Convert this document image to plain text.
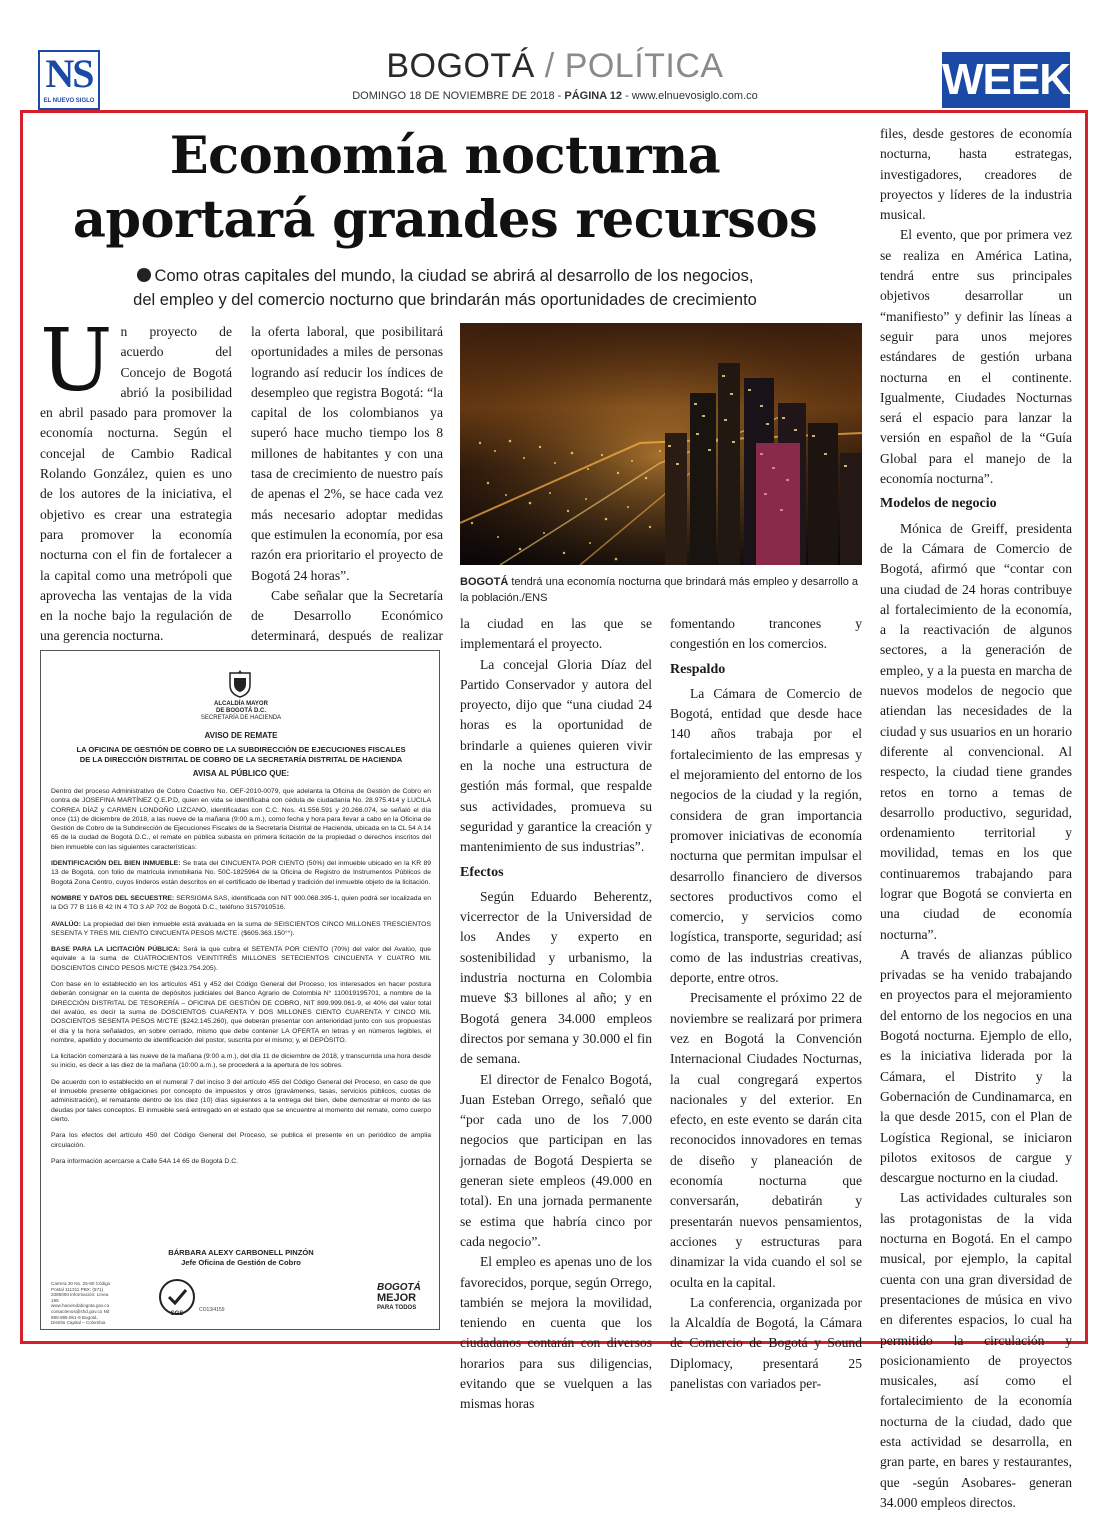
NS
EL NUEVO SIGLO
BOGOTÁ / POLÍTICA
DOMINGO 18 DE NOVIEMBRE DE 2018 - PÁGINA 12 - www.elnuevosiglo.com.co	WEEK
Economía nocturna
aportará grandes recursos
Como otras capitales del mundo, la ciudad se abrirá al desarrollo de los negocios,
del empleo y del comercio nocturno que brindarán más oportunidades de crecimiento

Un proyecto de acuerdo del Concejo de Bogotá abrió la posibilidad en abril pasado para promover la economía nocturna. Según el concejal de Cambio Radical Rolando González, quien es uno de los autores de la iniciativa, el objetivo es crear una estrategia para promover la economía nocturna con el fin de fortalecer a la capital como una metrópoli que aprovecha las ventajas de la vida en la noche bajo la regulación de una gerencia nocturna.

la oferta laboral, que posibilitará oportunidades a miles de personas logrando así reducir los índices de desempleo que registra Bogotá: “la capital de los colombianos ya superó hace mucho tiempo los 8 millones de habitantes y con una tasa de crecimiento de nuestro país de apenas el 2%, se hace cada vez más necesario adoptar medidas que estimulen la economía, por esa razón era prioritario el proyecto de Bogotá 24 horas”.

Cabe señalar que la Secretaría de Desarrollo Económico determinará, después de realizar

BOGOTÁ tendrá una economía nocturna que brindará más empleo y desarrollo a la población./ENS

la ciudad en las que se implementará el proyecto.

La concejal Gloria Díaz del Partido Conservador y autora del proyecto, dijo que “una ciudad 24 horas es la oportunidad de brindarle a quienes quieren vivir en la noche una estructura de gestión más formal, que respalde sus actividades, promueva su seguridad y garantice la creación y mantenimiento de sus industrias”.

Efectos

Según Eduardo Beherentz, vicerrector de la Universidad de los Andes y experto en sostenibilidad y urbanismo, la industria nocturna en Colombia mueve $3 billones al año; y en Bogotá genera 34.000 empleos directos por semana y 30.000 el fin de semana.

El director de Fenalco Bogotá, Juan Esteban Orrego, señaló que “por cada uno de los 7.000 negocios que participan en las jornadas de Bogotá Despierta se generan siete empleos (49.000 en total). En una jornada permanente se estima que habría cinco por cada negocio”.

El empleo es apenas uno de los favorecidos, porque, según Orrego, también se mejora la movilidad, teniendo en cuenta que los ciudadanos contarán con diversos horarios para sus diligencias, evitando que se vuelquen a las mismas horas

fomentando trancones y congestión en los comercios.

Respaldo

La Cámara de Comercio de Bogotá, entidad que desde hace 140 años trabaja por el fortalecimiento de las empresas y el mejoramiento del entorno de los negocios de la ciudad y la región, considera de gran importancia promover iniciativas de economía nocturna que permitan impulsar el desarrollo financiero de diversos sectores productivos como el comercio, y servicios como logística, transporte, seguridad; así como de las industrias creativas, deporte, entre otros.

Precisamente el próximo 22 de noviembre se realizará por primera vez en Bogotá la Convención Internacional Ciudades Nocturnas, la cual congregará expertos nacionales y del exterior. En efecto, en este evento se darán cita reconocidos innovadores en temas de diseño y planeación de economía nocturna que conversarán, debatirán y presentarán nuevos pensamientos, acciones y estructuras para dinamizar la vida cuando el sol se oculta en la capital.

La conferencia, organizada por la Alcaldía de Bogotá, la Cámara de Comercio de Bogotá y Sound Diplomacy, presentará 25 panelistas con variados per-

files, desde gestores de economía nocturna, hasta estrategas, investigadores, creadores de proyectos y líderes de la industria musical.

El evento, que por primera vez se realiza en América Latina, tendrá entre sus principales objetivos desarrollar un “manifiesto” y definir las líneas a seguir para unos mejores estándares de gestión urbana nocturna en el continente. Igualmente, Ciudades Nocturnas será el espacio para lanzar la versión en español de la “Guía Global para el manejo de la economía nocturna”.

Modelos de negocio

Mónica de Greiff, presidenta de la Cámara de Comercio de Bogotá, afirmó que “contar con una ciudad de 24 horas contribuye al fortalecimiento de la economía, a la reactivación de algunos sectores, a la generación de empleo, y a la puesta en marcha de nuevos modelos de negocio que atiendan las necesidades de la ciudad y sus usuarios en un horario diferente al convencional. Al respecto, la ciudad tiene grandes retos en torno a temas de desarrollo productivo, seguridad, ordenamiento territorial y movilidad, temas en los que continuaremos trabajando para lograr que Bogotá se convierta en una ciudad de economía nocturna”.

A través de alianzas público privadas se ha venido trabajando en proyectos para el mejoramiento del entorno de los negocios en una Bogotá nocturna. Ejemplo de ello, es la iniciativa liderada por la Cámara, el Distrito y la Gobernación de Cundinamarca, en la que desde 2015, con el Plan de Logística Regional, se iniciaron pilotos exitosos de cargue y descargue nocturno en la ciudad.

Las actividades culturales son las protagonistas de la vida nocturna en Bogotá. En el campo musical, por ejemplo, la capital cuenta con una gran diversidad de presentaciones de música en vivo en diferentes espacios, lo cual ha permitido la circulación y posicionamiento de proyectos musicales, así como el fortalecimiento de la economía nocturna de la ciudad, dado que esta actividad se desarrolla, en gran parte, en bares y restaurantes, que -según Asobares- generan 34.000 empleos directos.

ALCALDÍA MAYOR
DE BOGOTÁ D.C.
SECRETARÍA DE HACIENDA
AVISO DE REMATE
LA OFICINA DE GESTIÓN DE COBRO DE LA SUBDIRECCIÓN DE EJECUCIONES FISCALES
DE LA DIRECCIÓN DISTRITAL DE COBRO DE LA SECRETARÍA DISTRITAL DE HACIENDA
AVISA AL PÚBLICO QUE:

Dentro del proceso Administrativo de Cobro Coactivo No. OEF-2010-0079, que adelanta la Oficina de Gestión de Cobro en contra de JOSEFINA MARTÍNEZ Q.E.P.D, quien en vida se identificaba con cédula de ciudadanía No. 28.975.414 y LUCILA CORREA DÍAZ y CARMEN LONDOÑO LIZCANO, identificadas con C.C. Nos. 41.556.591 y 20.266.074, se señaló el día once (11) de diciembre de 2018, a las nueve de la mañana (9:00 a.m.), como fecha y hora para llevar a cabo en la Oficina de Gestión de Cobro de la Subdirección de Ejecuciones Fiscales de la Secretaría Distrital de Hacienda, ubicada en la CL 54 A 14 65 de la ciudad de Bogotá D.C., el remate en pública subasta en primera licitación de la propiedad o derechos inscritos del bien inmueble con las siguientes características:

IDENTIFICACIÓN DEL BIEN INMUEBLE: Se trata del CINCUENTA POR CIENTO (50%) del inmueble ubicado en la KR 89 13 de Bogotá, con folio de matrícula inmobiliaria No. 50C-1825964 de la Oficina de Registro de Instrumentos Públicos de Bogotá Zona Centro, cuyos linderos están descritos en el certificado de libertad y tradición del inmueble objeto de la licitación.

NOMBRE Y DATOS DEL SECUESTRE: SERSIGMA SAS, identificada con NIT 900.068.395-1, quien podrá ser localizada en la DG 77 B 116 B 42 IN 4 TO 3 AP 702 de Bogotá D.C., teléfono 3157910516.

AVALÚO: La propiedad del bien inmueble está avaluada en la suma de SEISCIENTOS CINCO MILLONES TRESCIENTOS SESENTA Y TRES MIL CIENTO CINCUENTA PESOS M/CTE. ($605.363.150°°).

BASE PARA LA LICITACIÓN PÚBLICA: Será la que cubra el SETENTA POR CIENTO (70%) del valor del Avalúo, que equivale a la suma de CUATROCIENTOS VEINTITRÉS MILLONES SETECIENTOS CINCUENTA Y CUATRO MIL DOSCIENTOS CINCO PESOS M/CTE ($423.754.205).

Con base en lo establecido en los artículos 451 y 452 del Código General del Proceso, los interesados en hacer postura deberán consignar en la cuenta de depósitos judiciales del Banco Agrario de Colombia N° 110019195701, a nombre de la DIRECCIÓN DISTRITAL DE TESORERÍA – OFICINA DE GESTIÓN DE COBRO, NIT 899.999.061-9, el 40% del valor total del avalúo, es decir la suma de DOSCIENTOS CUARENTA Y DOS MILLONES CIENTO CUARENTA Y CINCO MIL DOSCIENTOS SESENTA PESOS M/CTE ($242.145.260), que deberán presentar con anterioridad junto con sus propuestas el día y la hora señalados, en sobre cerrado, mismo que debe contener LA OFERTA en letras y en números legibles, el nombre, apellido y documento de identificación del postor, suscrita por el mismo; y, el DEPÓSITO.

La licitación comenzará a las nueve de la mañana (9:00 a.m.), del día 11 de diciembre de 2018, y transcurrida una hora desde su inicio, es decir a las diez de la mañana (10:00 a.m.), se procederá a la apertura de los sobres.

De acuerdo con lo establecido en el numeral 7 del inciso 3 del artículo 455 del Código General del Proceso, en caso de que el inmueble presente obligaciones por concepto de impuestos y otros (gravámenes, tasas, servicios públicos, cuotas de administración), el rematante dentro de los diez (10) días siguientes a la entrega del bien, debe demostrar el monto de las deudas por tales conceptos. El inmueble será entregado en el estado que se encuentre al momento del remate, como cuerpo cierto.

Para los efectos del artículo 450 del Código General del Proceso, se publica el presente en un periódico de amplia circulación.

Para información acercarse a Calle 54A 14 65 de Bogotá D.C.

BÁRBARA ALEXY CARBONELL PINZÓN
Jefe Oficina de Gestión de Cobro
Carrera 30 No. 25-90 Código Postal 111311 PBX: (571) 3385000 Información: Línea 195 www.haciendabogota.gov.co contactenos@shd.gov.co Nit 899.999.061-9 Bogotá, Distrito Capital – Colombia
SGS
CO13/4159
BOGOTÁ
MEJOR
PARA TODOS
